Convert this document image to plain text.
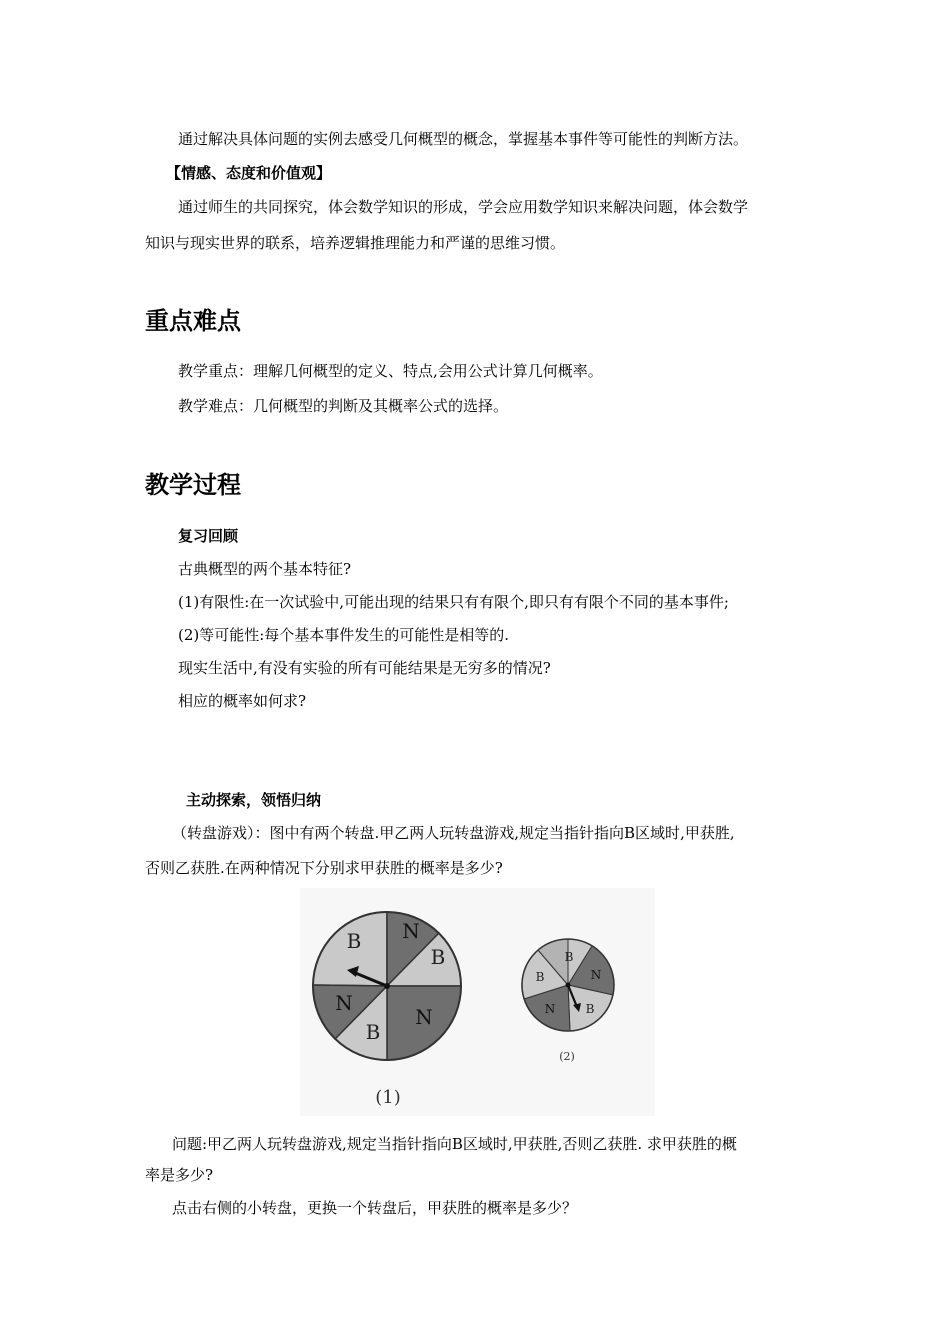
通过解决具体问题的实例去感受几何概型的概念，掌握基本事件等可能性的判断方法。
【情感、态度和价值观】
通过师生的共同探究，体会数学知识的形成，学会应用数学知识来解决问题，体会数学
知识与现实世界的联系，培养逻辑推理能力和严谨的思维习惯。
重点难点
教学重点：理解几何概型的定义、特点,会用公式计算几何概率。
教学难点：几何概型的判断及其概率公式的选择。
教学过程
复习回顾
古典概型的两个基本特征?
(1)有限性:在一次试验中,可能出现的结果只有有限个,即只有有限个不同的基本事件;
(2)等可能性:每个基本事件发生的可能性是相等的.
现实生活中,有没有实验的所有可能结果是无穷多的情况?
相应的概率如何求?
主动探索，领悟归纳
（转盘游戏）：图中有两个转盘.甲乙两人玩转盘游戏,规定当指针指向B区域时,甲获胜,
否则乙获胜.在两种情况下分别求甲获胜的概率是多少?
B N
B
N
B
N
(1)
B
N
B
N
B
(2)
问题:甲乙两人玩转盘游戏,规定当指针指向B区域时,甲获胜,否则乙获胜. 求甲获胜的概
率是多少?
点击右侧的小转盘，更换一个转盘后，甲获胜的概率是多少？
